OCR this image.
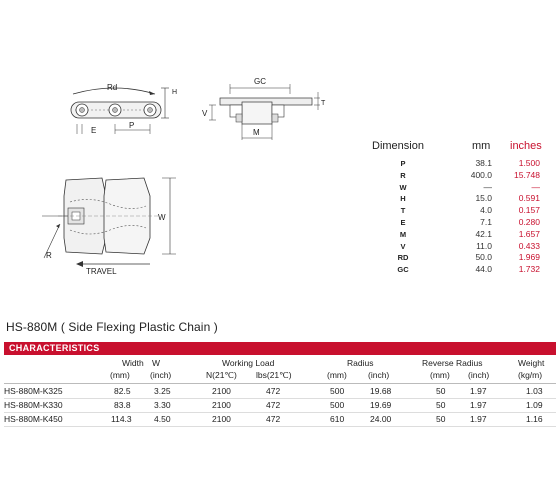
Rd
H
E
P
GC
T
V
M
W
R
TRAVEL
Dimension	mm inches
P	38.1	1.500
R	400.0	15.748
W	—	—
H	15.0	0.591
T	4.0	0.157
E	7.1	0.280
M	42.1	1.657
V	11.0	0.433
RD	50.0	1.969
GC	44.0	1.732
HS-880M ( Side Flexing Plastic Chain )
CHARACTERISTICS
Width W	Working Load	Radius	Reverse Radius	Weight
(mm) (inch)	N(21℃) lbs(21℃)	(mm) (inch)	(mm) (inch)	(kg/m)
HS-880M-K325	82.5	3.25	2100	472	500	19.68	50	1.97	1.03
HS-880M-K330	83.8	3.30	2100	472	500	19.69	50	1.97	1.09
HS-880M-K450	114.3	4.50	2100	472	610	24.00	50	1.97	1.16
